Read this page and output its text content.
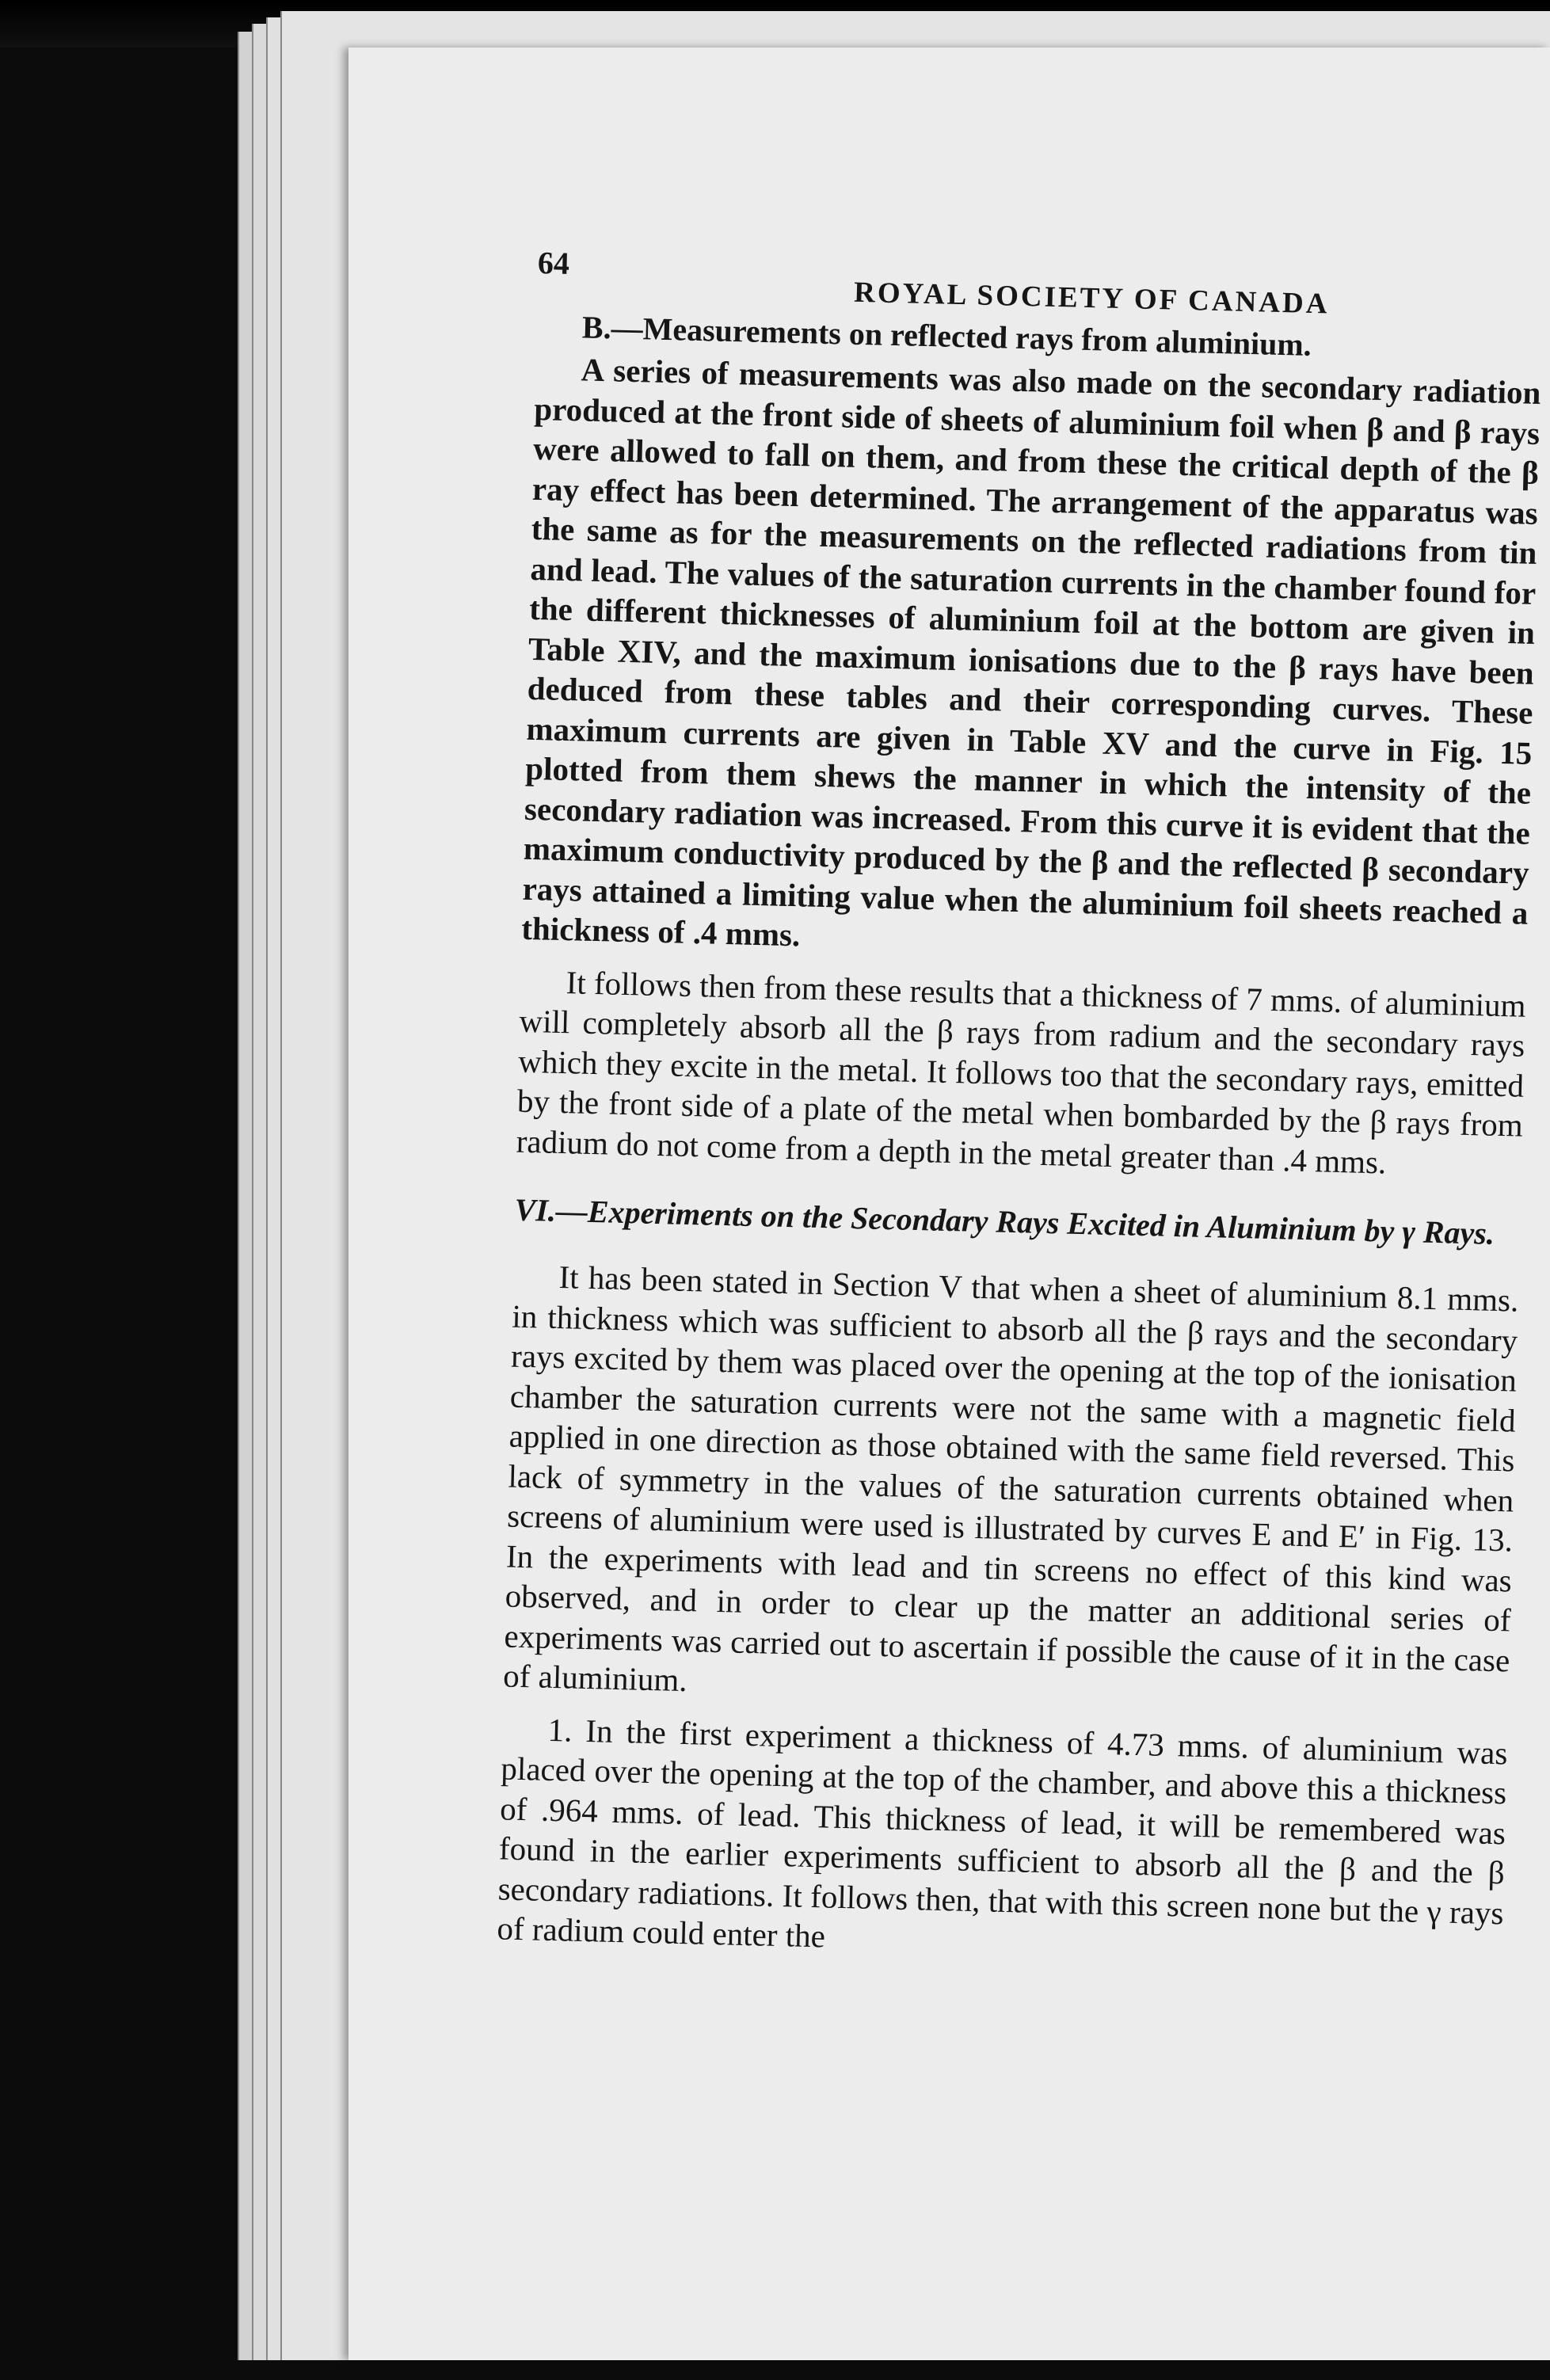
64
ROYAL SOCIETY OF CANADA
B.—Measurements on reflected rays from aluminium.

A series of measurements was also made on the secondary radiation produced at the front side of sheets of aluminium foil when β and β rays were allowed to fall on them, and from these the critical depth of the β ray effect has been determined. The arrangement of the apparatus was the same as for the measurements on the reflected radiations from tin and lead. The values of the saturation currents in the chamber found for the different thicknesses of aluminium foil at the bottom are given in Table XIV, and the maximum ionisations due to the β rays have been deduced from these tables and their corresponding curves. These maximum currents are given in Table XV and the curve in Fig. 15 plotted from them shews the manner in which the intensity of the secondary radiation was increased. From this curve it is evident that the maximum conductivity produced by the β and the reflected β secondary rays attained a limiting value when the aluminium foil sheets reached a thickness of .4 mms.

It follows then from these results that a thickness of 7 mms. of aluminium will completely absorb all the β rays from radium and the secondary rays which they excite in the metal. It follows too that the secondary rays, emitted by the front side of a plate of the metal when bombarded by the β rays from radium do not come from a depth in the metal greater than .4 mms.

VI.—Experiments on the Secondary Rays Excited in Aluminium by γ Rays.

It has been stated in Section V that when a sheet of aluminium 8.1 mms. in thickness which was sufficient to absorb all the β rays and the secondary rays excited by them was placed over the opening at the top of the ionisation chamber the saturation currents were not the same with a magnetic field applied in one direction as those obtained with the same field reversed. This lack of symmetry in the values of the saturation currents obtained when screens of aluminium were used is illustrated by curves E and E′ in Fig. 13. In the experiments with lead and tin screens no effect of this kind was observed, and in order to clear up the matter an additional series of experiments was carried out to ascertain if possible the cause of it in the case of aluminium.

1. In the first experiment a thickness of 4.73 mms. of aluminium was placed over the opening at the top of the chamber, and above this a thickness of .964 mms. of lead. This thickness of lead, it will be remembered was found in the earlier experiments sufficient to absorb all the β and the β secondary radiations. It follows then, that with this screen none but the γ rays of radium could enter the
